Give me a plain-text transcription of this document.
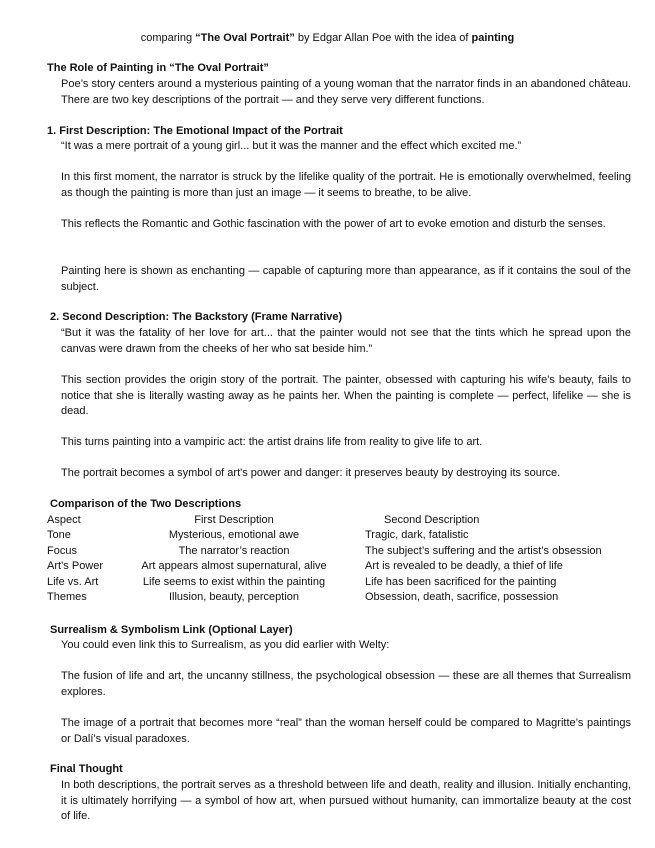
comparing “The Oval Portrait” by Edgar Allan Poe with the idea of painting
The Role of Painting in “The Oval Portrait”
Poe’s story centers around a mysterious painting of a young woman that the narrator finds in an abandoned château. There are two key descriptions of the portrait — and they serve very different functions.
1. First Description: The Emotional Impact of the Portrait
“It was a mere portrait of a young girl... but it was the manner and the effect which excited me.”
In this first moment, the narrator is struck by the lifelike quality of the portrait. He is emotionally overwhelmed, feeling as though the painting is more than just an image — it seems to breathe, to be alive.
This reflects the Romantic and Gothic fascination with the power of art to evoke emotion and disturb the senses.
Painting here is shown as enchanting — capable of capturing more than appearance, as if it contains the soul of the subject.
2. Second Description: The Backstory (Frame Narrative)
“But it was the fatality of her love for art... that the painter would not see that the tints which he spread upon the canvas were drawn from the cheeks of her who sat beside him.”
This section provides the origin story of the portrait. The painter, obsessed with capturing his wife's beauty, fails to notice that she is literally wasting away as he paints her. When the painting is complete — perfect, lifelike — she is dead.
This turns painting into a vampiric act: the artist drains life from reality to give life to art.
The portrait becomes a symbol of art's power and danger: it preserves beauty by destroying its source.
Comparison of the Two Descriptions
Aspect	First Description	Second Description
Tone	Mysterious, emotional awe	Tragic, dark, fatalistic
Focus	The narrator’s reaction	The subject’s suffering and the artist’s obsession
Art’s Power	Art appears almost supernatural, alive	Art is revealed to be deadly, a thief of life
Life vs. Art	Life seems to exist within the painting	Life has been sacrificed for the painting
Themes	Illusion, beauty, perception	Obsession, death, sacrifice, possession
Surrealism & Symbolism Link (Optional Layer)
You could even link this to Surrealism, as you did earlier with Welty:
The fusion of life and art, the uncanny stillness, the psychological obsession — these are all themes that Surrealism explores.
The image of a portrait that becomes more “real” than the woman herself could be compared to Magritte’s paintings or Dalí’s visual paradoxes.
Final Thought
In both descriptions, the portrait serves as a threshold between life and death, reality and illusion. Initially enchanting, it is ultimately horrifying — a symbol of how art, when pursued without humanity, can immortalize beauty at the cost of life.
